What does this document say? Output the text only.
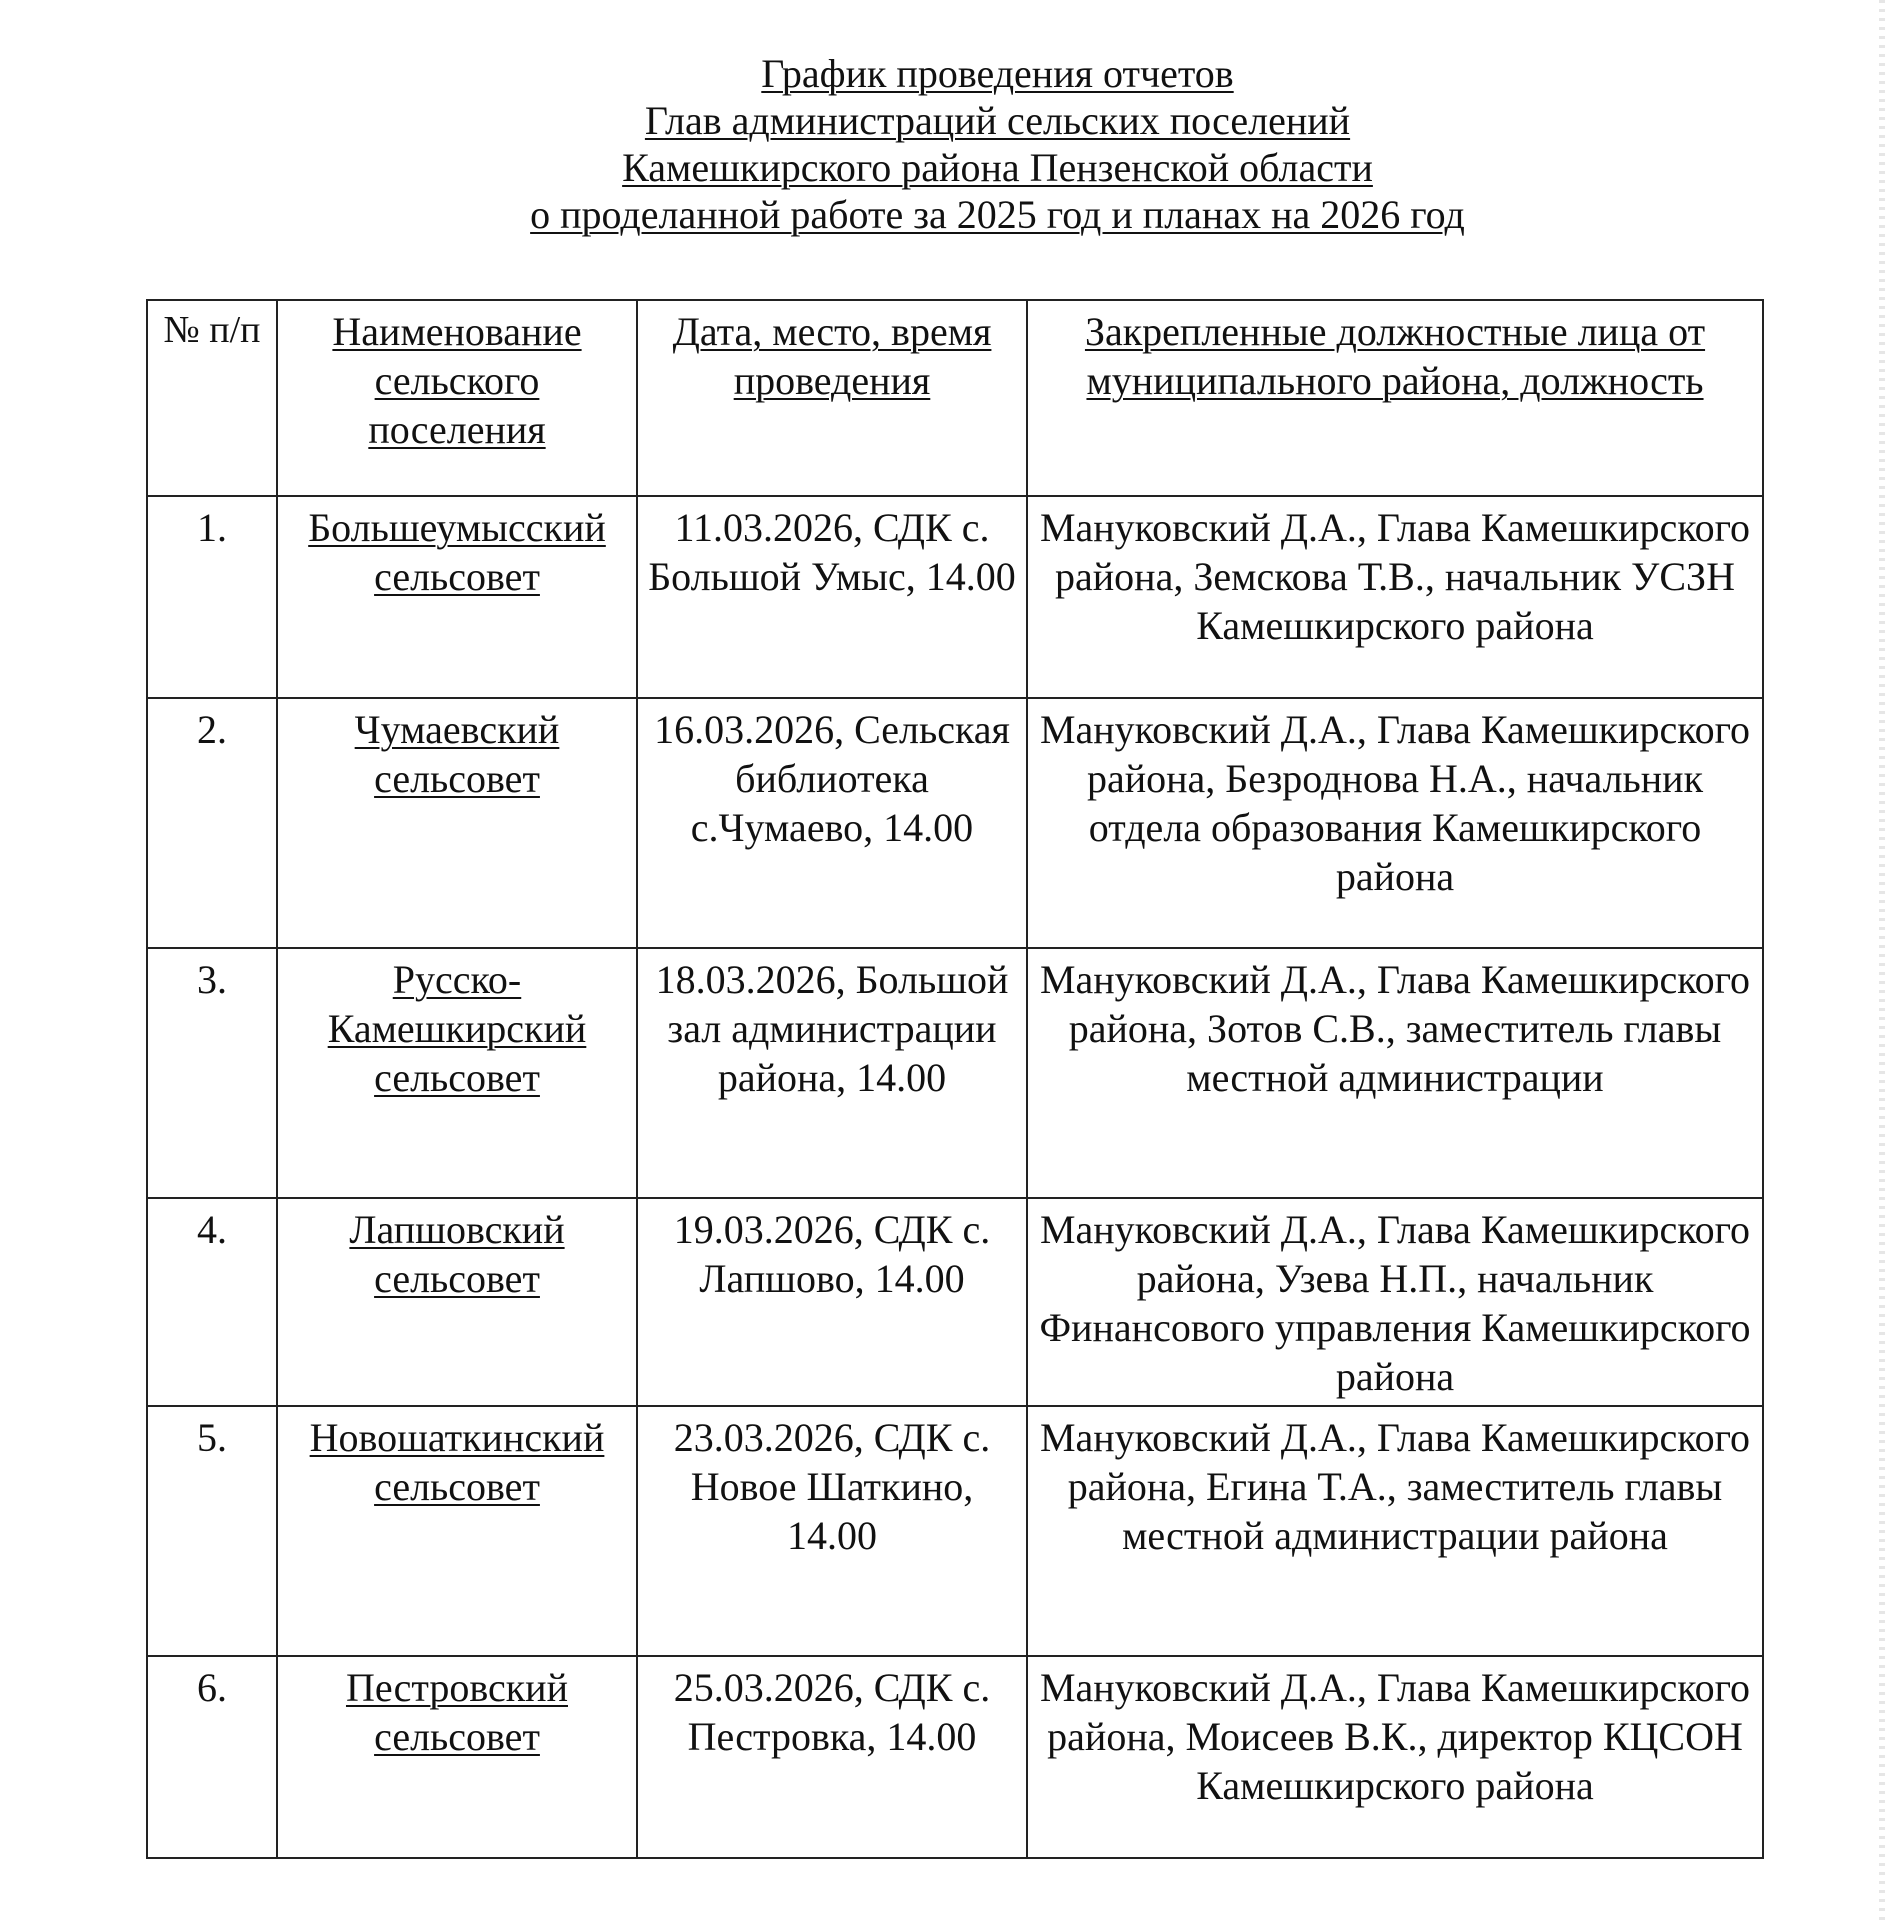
График проведения отчетов
Глав администраций сельских поселений
Камешкирского района Пензенской области
о проделанной работе за 2025 год и планах на 2026 год
№ п/п	Наименование сельского поселения	Дата, место, время проведения	Закрепленные должностные лица от муниципального района, должность
1.	Большеумысский сельсовет	11.03.2026, СДК с. Большой Умыс, 14.00	Мануковский Д.А., Глава Камешкирского района, Земскова Т.В., начальник УСЗН Камешкирского района
2.	Чумаевский сельсовет	16.03.2026, Сельская библиотека с.Чумаево, 14.00	Мануковский Д.А., Глава Камешкирского района, Безроднова Н.А., начальник отдела образования Камешкирского района
3.	Русско-Камешкирский сельсовет	18.03.2026, Большой зал администрации района, 14.00	Мануковский Д.А., Глава Камешкирского района, Зотов С.В., заместитель главы местной администрации
4.	Лапшовский сельсовет	19.03.2026, СДК с. Лапшово, 14.00	Мануковский Д.А., Глава Камешкирского района, Узева Н.П., начальник Финансового управления Камешкирского района
5.	Новошаткинский сельсовет	23.03.2026, СДК с. Новое Шаткино, 14.00	Мануковский Д.А., Глава Камешкирского района, Егина Т.А., заместитель главы местной администрации района
6.	Пестровский сельсовет	25.03.2026, СДК с. Пестровка, 14.00	Мануковский Д.А., Глава Камешкирского района, Моисеев В.К., директор КЦСОН Камешкирского района
